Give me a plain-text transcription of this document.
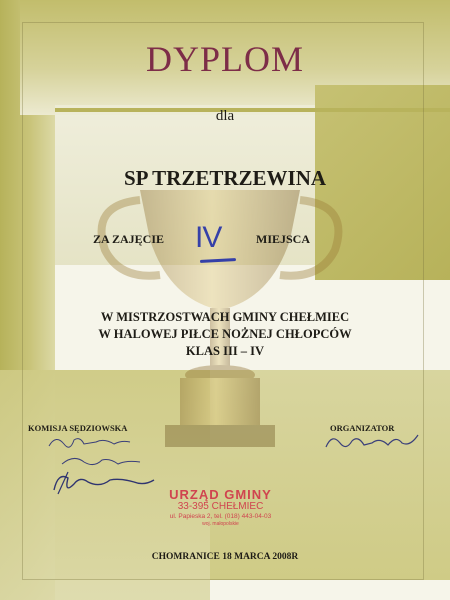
DYPLOM
dla
SP TRZETRZEWINA
ZA ZAJĘCIE IV	MIEJSCA
W MISTRZOSTWACH GMINY CHEŁMIEC
W HALOWEJ PIŁCE NOŻNEJ CHŁOPCÓW
KLAS III – IV
KOMISJA SĘDZIOWSKA	ORGANIZATOR
URZĄD GMINY
33-395 CHEŁMIEC
ul. Papieska 2, tel. (018) 443-04-03
woj. małopolskie
CHOMRANICE 18 MARCA 2008R
